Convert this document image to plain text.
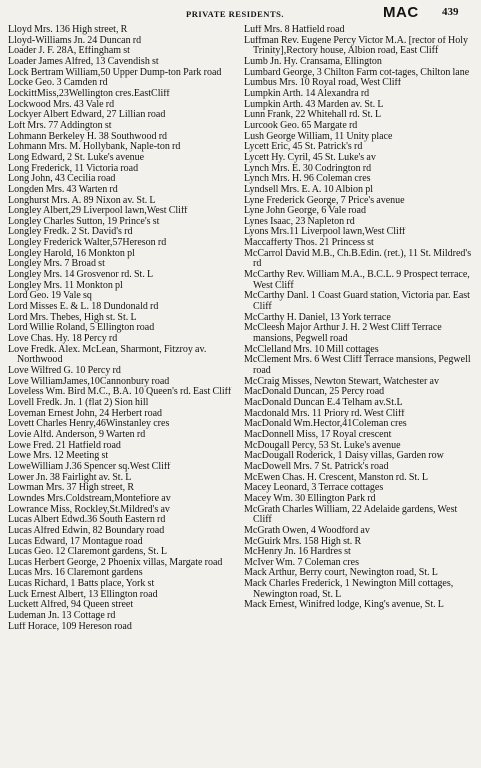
PRIVATE RESIDENTS.	MAC 439
Lloyd Mrs. 136 High street, R
Lloyd-Williams Jn. 24 Duncan rd
Loader J. F. 28A, Effingham st
Loader James Alfred, 13 Cavendish st
Lock Bertram William,50 Upper Dump-ton Park road
Locke Geo. 3 Camden rd
LockittMiss,23Wellington cres.EastCliff
Lockwood Mrs. 43 Vale rd
Lockyer Albert Edward, 27 Lillian road
Loft Mrs. 77 Addington st
Lohmann Berkeley H. 38 Southwood rd
Lohmann Mrs. M. Hollybank, Naple-ton rd
Long Edward, 2 St. Luke's avenue
Long Frederick, 11 Victoria road
Long John, 43 Cecilia road
Longden Mrs. 43 Warten rd
Longhurst Mrs. A. 89 Nixon av. St. L
Longley Albert,29 Liverpool lawn,West Cliff
Longley Charles Sutton, 19 Prince's st
Longley Fredk. 2 St. David's rd
Longley Frederick Walter,57Hereson rd
Longley Harold, 16 Monkton pl
Longley Mrs. 7 Broad st
Longley Mrs. 14 Grosvenor rd. St. L
Longley Mrs. 11 Monkton pl
Lord Geo. 19 Vale sq
Lord Misses E. & L. 18 Dundonald rd
Lord Mrs. Thebes, High st. St. L
Lord Willie Roland, 5 Ellington road
Love Chas. Hy. 18 Percy rd
Love Fredk. Alex. McLean, Sharmont, Fitzroy av. Northwood
Love Wilfred G. 10 Percy rd
Love WilliamJames,10Cannonbury road
Loveless Wm. Bird M.C., B.A. 10 Queen's rd. East Cliff
Lovell Fredk. Jn. 1 (flat 2) Sion hill
Loveman Ernest John, 24 Herbert road
Lovett Charles Henry,46Winstanley cres
Lovie Alfd. Anderson, 9 Warten rd
Lowe Fred. 21 Hatfield road
Lowe Mrs. 12 Meeting st
LoweWilliam J.36 Spencer sq.West Cliff
Lower Jn. 38 Fairlight av. St. L
Lowman Mrs. 37 High street, R
Lowndes Mrs.Coldstream,Montefiore av
Lowrance Miss, Rockley,St.Mildred's av
Lucas Albert Edwd.36 South Eastern rd
Lucas Alfred Edwin, 82 Boundary road
Lucas Edward, 17 Montague road
Lucas Geo. 12 Claremont gardens, St. L
Lucas Herbert George, 2 Phoenix villas, Margate road
Lucas Mrs. 16 Claremont gardens
Lucas Richard, 1 Batts place, York st
Luck Ernest Albert, 13 Ellington road
Luckett Alfred, 94 Queen street
Ludeman Jn. 13 Cottage rd
Luff Horace, 109 Hereson road
Luff Mrs. 8 Hatfield road
Luffman Rev. Eugene Percy Victor M.A. [rector of Holy Trinity],Rectory house, Albion road, East Cliff
Lumb Jn. Hy. Cransama, Ellington
Lumbard George, 3 Chilton Farm cot-tages, Chilton lane
Lumbus Mrs. 10 Royal road, West Cliff
Lumpkin Arth. 14 Alexandra rd
Lumpkin Arth. 43 Marden av. St. L
Lunn Frank, 22 Whitehall rd. St. L
Lurcook Geo. 65 Margate rd
Lush George William, 11 Unity place
Lycett Eric, 45 St. Patrick's rd
Lycett Hy. Cyril, 45 St. Luke's av
Lynch Mrs. E. 30 Codrington rd
Lynch Mrs. H. 96 Coleman cres
Lyndsell Mrs. E. A. 10 Albion pl
Lyne Frederick George, 7 Price's avenue
Lyne John George, 6 Vale road
Lynes Isaac, 23 Napleton rd
Lyons Mrs.11 Liverpool lawn,West Cliff
Maccafferty Thos. 21 Princess st
McCarrol David M.B., Ch.B.Edin. (ret.), 11 St. Mildred's rd
McCarthy Rev. William M.A., B.C.L. 9 Prospect terrace, West Cliff
McCarthy Danl. 1 Coast Guard station, Victoria par. East Cliff
McCarthy H. Daniel, 13 York terrace
McCleesh Major Arthur J. H. 2 West Cliff Terrace mansions, Pegwell road
McClelland Mrs. 10 Mill cottages
McClement Mrs. 6 West Cliff Terrace mansions, Pegwell road
McCraig Misses, Newton Stewart, Watchester av
MacDonald Duncan, 25 Percy road
MacDonald Duncan E.4 Telham av.St.L
Macdonald Mrs. 11 Priory rd. West Cliff
MacDonald Wm.Hector,41Coleman cres
MacDonnell Miss, 17 Royal crescent
McDougall Percy, 53 St. Luke's avenue
MacDougall Roderick, 1 Daisy villas, Garden row
MacDowell Mrs. 7 St. Patrick's road
McEwen Chas. H. Crescent, Manston rd. St. L
Macey Leonard, 3 Terrace cottages
Macey Wm. 30 Ellington Park rd
McGrath Charles William, 22 Adelaide gardens, West Cliff
McGrath Owen, 4 Woodford av
McGuirk Mrs. 158 High st. R
McHenry Jn. 16 Hardres st
McIver Wm. 7 Coleman cres
Mack Arthur, Berry court, Newington road, St. L
Mack Charles Frederick, 1 Newington Mill cottages, Newington road, St. L
Mack Ernest, Winifred lodge, King's avenue, St. L
